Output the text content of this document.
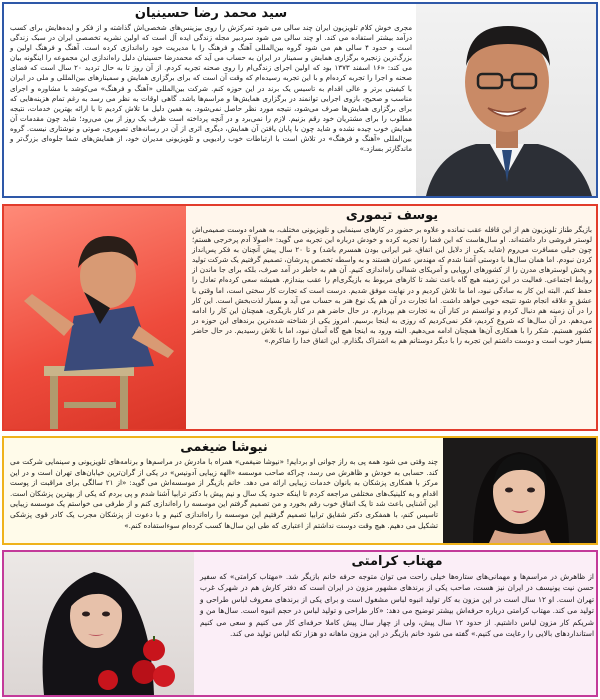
سید محمد رضا حسینیان

مجری خوش کلام تلویزیون ایران چند سالی می شود تمرکزش را روی بیزینس‌های شخصی‌اش گذاشته و از فکر و ایده‌هایش برای کسب درآمد بیشتر استفاده می کند. او چند سالی می شود سردبیر مجله زندگی ایده آل است که اولین نشریه تخصصی ایران در سبک زندگی است و حدود ۴ سالی هم می شود گروه بین‌المللی آهنگ و فرهنگ را با مدیریت خود راه‌اندازی کرده است. آهنگ و فرهنگ اولین و بزرگ‌ترین زنجیره برگزاری همایش و سمینار در ایران به حساب می آید که محمدرضا حسینیان دلیل راه‌اندازی این مجموعه را اینگونه بیان می کند: «۱۶ اسفند ۱۳۷۳ بود که اولین اجرای زندگی‌ام را روی صحنه تجربه کردم. از آن روز تا به حال تردید ۲۰ سال است که فضای صحنه و اجرا را تجربه کرده‌ام و با این تجربه رسیده‌ام که وقت آن است که برای برگزاری همایش و سمینارهای بین‌المللی و ملی در ایران با کیفیتی برتر و عالی اقدام به تاسیس یک برند در این حوزه کنم. شرکت بین‌المللی «آهنگ و فرهنگ» می‌کوشد با مشاوره و اجرای مناسب و صحیح، بازوی اجرایی توانمند در برگزاری همایش‌ها و مراسم‌ها باشد. گاهی اوقات به نظر می رسد به رغم تمام هزینه‌هایی که برای برگزاری همایش‌ها صرف می‌شود، نتیجه مورد نظر حاصل نمی‌شود. به همین دلیل ما تلاش کردیم تا با ارائه بهترین خدمات، نتیجه مطلوب را برای مشتریان خود رقم بزنیم. لازم را نمی‌برد و در آنچه پرداخته است ظرف یک روز از بین می‌رود؛ شاید چون مقدمات آن همایش خوب چیده نشده و شاید چون با پایان یافتن آن همایش، دیگری اثری از آن در رسانه‌های تصویری، صوتی و نوشتاری نیست. گروه بین‌المللی «آهنگ و فرهنگ» در تلاش است با ارتباطات خوب رادیویی و تلویزیونی مدیران خود، از همایش‌های شما جلوه‌ای بزرگ‌تر و ماندگارتر بسازد.»

یوسف تیموری

بازیگر طناز تلویزیون هم از این قافله عقب نمانده و علاوه بر حضور در کارهای سینمایی و تلویزیونی مختلف، به همراه دوست صمیمی‌اش لوستر فروشی دار داشته‌اند. او سال‌هاست که این فضا را تجربه کرده و خودش درباره این تجربه می گوید: «اصولا آدم پرخرجی هستم؛ چون خیلی مسافرت می‌روم (شاید یکی از دلایل این اتفاق، غیر ایرانی بودن همسرم باشد) و تا ۲۰ سال پیش آنچنان به فکر پس‌انداز کردن نبودم. اما همان سال‌ها با دوستی آشنا شدم که مهندس عمران هستند و به واسطه تخصص پدرشان، تصمیم گرفتیم یک شرکت تولید و پخش لوسترهای مدرن را از کشورهای اروپایی و آمریکای شمالی راه‌اندازی کنیم. آن هم به خاطر در آمد صرف، بلکه برای جا ماندن از روابط اجتماعی. فعالیت در این زمینه هیچ گاه باعث نشد تا کارهای مربوط به بازیگری‌ام را عقب بیندازم. همیشه سعی کرده‌ام تعادل را حفظ کنم. البته این کار به سادگی نبود، اما ما تلاش کردیم و در نهایت موفق شدیم. درست است که تجارت کار سختی است، اما وقتی با عشق و علاقه انجام شود نتیجه خوبی خواهد داشت. اما تجارت در آن هم یک نوع هنر به حساب می آید و بسیار لذت‌بخش است. این کار را در آن زمینه هم دنبال کردم و توانستم در کنار آن به تجارت هم بپردازم. در حال حاضر هم در کنار بازیگری، همچنان این کار را ادامه می‌دهم. در آن سال‌ها که شروع کردیم، فکر نمی‌کردیم که روزی به اینجا برسیم. امروز یکی از شناخته شده‌ترین برندهای این حوزه در کشور هستیم. شکر را با همکاری آن‌ها همچنان ادامه می‌دهیم. البته ورود به اینجا هیچ گاه آسان نبود، اما با تلاش رسیدیم. در حال حاضر بسیار خوب است و دوست داشتم این تجربه را با دیگر دوستانم هم به اشتراک بگذارم. این اتفاق خدا را شاکرم.»

نیوشا ضیغمی

چند وقتی می شود همه پی به راز جوانی او بردایم! «نیوشا ضیغمی» همراه با مادرش در مراسم‌ها و برنامه‌های تلویزیونی و سینمایی شرکت می کند. حسابی به خودش و ظاهرش می رسد، چراکه صاحب موسسه «الهه زیبایی آدونیس» در یکی از گران‌ترین خیابان‌های تهران است و در این مرکز با همکاری پزشکان به بانوان خدمات زیبایی ارائه می دهد. خانم بازیگر از موسسه‌اش می گوید: «از ۲۱ سالگی برای مراقبت از پوست اقدام و به کلینیک‌های مختلفی مراجعه کردم تا اینکه حدود یک سال و نیم پیش با دکتر ترابیا آشنا شدم و پی بردم که یکی از بهترین پزشکان است. این آشنایی باعث شد تا یک اتفاق خوب رقم بخورد و من تصمیم گرفتم این موسسه را راه‌اندازی کنم و از طرفی می خواستم یک موسسه زیبایی تاسیس کنم، با همفکری دکتر شقایق ترابیا تصمیم گرفتیم این موسسه را راه‌اندازی کنیم و با دعوت از پزشکان مجرب یک کادر قوی پزشکی تشکیل می دهیم. هیچ وقت دوست نداشتم از اعتباری که طی این سال‌ها کسب کرده‌ام سوءاستفاده کنم.»

مهتاب کرامتی

از ظاهرش در مراسم‌ها و مهمانی‌های ستاره‌ها خیلی راحت می توان متوجه حرفه خانم بازیگر شد. «مهتاب کرامتی» که سفیر حسن نیت یونیسف در ایران نیز هست، صاحب یکی از برندهای مشهور مزون در ایران است که دفتر کارش هم در شهرک غرب تهران است. او ۱۲ سال است در این مزون به کار تولید انبوه لباس مشغول است و برای یکی از برندهای معروف لباس طراحی و تولید می کند. مهتاب کرامتی درباره حرفه‌اش بیشتر توضیح می دهد: «کار طراحی و تولید لباس در حجم انبوه است. سال‌ها من و شریکم کار مزون لباس داشتیم. از حدود ۱۲ سال پیش، ولی از چهار سال پیش کاملا حرفه‌ای کار می کنیم و سعی می کنیم استانداردهای بالایی را رعایت می کنیم.» گفته می شود خانم بازیگر در این مزون ماهانه دو هزار تکه لباس تولید می کند.
